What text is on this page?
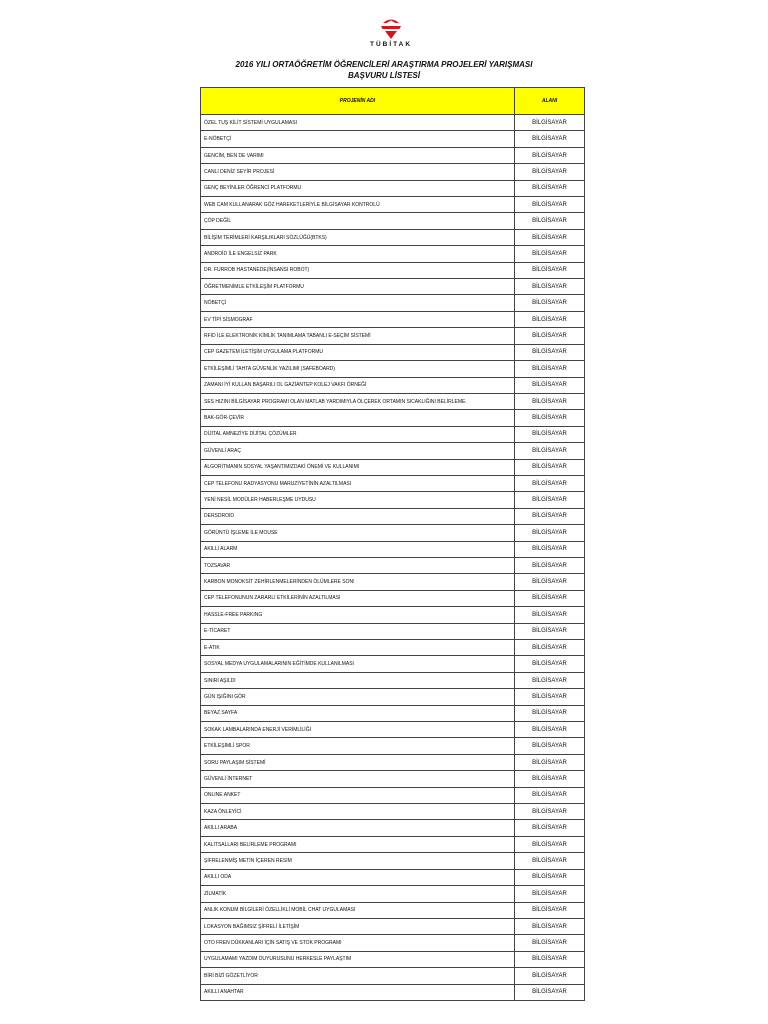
TÜBİTAK
2016 YILI ORTAÖĞRETİM ÖĞRENCİLERİ ARAŞTIRMA PROJELERİ YARIŞMASI
BAŞVURU LİSTESİ
PROJENİN ADI	ALANI
ÖZEL TUŞ KİLİT SİSTEMİ UYGULAMASI	BİLGİSAYAR
E-NÖBETÇİ	BİLGİSAYAR
GENCİM, BEN DE VARIMI	BİLGİSAYAR
CANLI DENİZ SEYİR PROJESİ	BİLGİSAYAR
GENÇ BEYİNLER ÖĞRENCİ PLATFORMU	BİLGİSAYAR
WEB CAM KULLANARAK GÖZ HAREKETLERİYLE BİLGİSAYAR KONTROLÜ	BİLGİSAYAR
ÇÖP DEĞİL	BİLGİSAYAR
BİLİŞİM TERİMLERİ KARŞILIKLARI SÖZLÜĞÜ(BTKS)	BİLGİSAYAR
ANDROİD İLE ENGELSİZ PARK	BİLGİSAYAR
DR. FURROB HASTANEDE(İNSANSI ROBOT)	BİLGİSAYAR
ÖĞRETMENİMLE ETKİLEŞİM PLATFORMU	BİLGİSAYAR
NÖBETÇİ	BİLGİSAYAR
EV TİPİ SİSMOGRAF	BİLGİSAYAR
RFID İLE ELEKTRONİK KİMLİK TANIMLAMA TABANLI E-SEÇİM SİSTEMİ	BİLGİSAYAR
CEP GAZETEM İLETİŞİM UYGULAMA PLATFORMU	BİLGİSAYAR
ETKİLEŞİMLİ TAHTA GÜVENLİK YAZILIMI (SAFEBOARD)	BİLGİSAYAR
ZAMANI İYİ KULLAN BAŞARILI OL GAZİANTEP KOLEJ VAKFI ÖRNEĞİ	BİLGİSAYAR
SES HIZINI BİLGİSAYAR PROGRAMI OLAN MATLAB YARDIMIYLA ÖLÇEREK ORTAMIN SICAKLIĞINI BELİRLEME.	BİLGİSAYAR
BAK-GÖR-ÇEVİR	BİLGİSAYAR
DİJİTAL AMNEZİYE DİJİTAL ÇÖZÜMLER	BİLGİSAYAR
GÜVENLİ ARAÇ	BİLGİSAYAR
ALGORİTMANIN SOSYAL YAŞANTIMIZDAKİ ÖNEMİ VE KULLANIMI	BİLGİSAYAR
CEP TELEFONU RADYASYONU MARUZİYETİNİN AZALTILMASI	BİLGİSAYAR
YENİ NESİL MODÜLER HABERLEŞME UYDUSU	BİLGİSAYAR
DERSDROID	BİLGİSAYAR
GÖRÜNTÜ İŞLEME İLE MOUSE	BİLGİSAYAR
AKILLI ALARM	BİLGİSAYAR
TOZSAVAR	BİLGİSAYAR
KARBON MONOKSİT ZEHİRLENMELERİNDEN ÖLÜMLERE SON!	BİLGİSAYAR
CEP TELEFONUNUN ZARARLI ETKİLERİNİN AZALTILMASI	BİLGİSAYAR
HASSLE-FREE PARKING	BİLGİSAYAR
E-TİCARET	BİLGİSAYAR
E-ATIK	BİLGİSAYAR
SOSYAL MEDYA UYGULAMALARININ EĞİTİMDE KULLANILMASI	BİLGİSAYAR
SINIRI AŞILDI	BİLGİSAYAR
GÜN IŞIĞINI GÖR	BİLGİSAYAR
BEYAZ SAYFA	BİLGİSAYAR
SOKAK LAMBALARINDA ENERJİ VERİMLİLİĞİ	BİLGİSAYAR
ETKİLEŞİMLİ SPOR	BİLGİSAYAR
SORU PAYLAŞIM SİSTEMİ	BİLGİSAYAR
GÜVENLİ İNTERNET	BİLGİSAYAR
ONLINE ANKET	BİLGİSAYAR
KAZA ÖNLEYİCİ	BİLGİSAYAR
AKILLI ARABA	BİLGİSAYAR
KALITSALLARI BELİRLEME PROGRAMI	BİLGİSAYAR
ŞİFRELENMİŞ METİN İÇEREN RESİM	BİLGİSAYAR
AKILLI ODA	BİLGİSAYAR
ZİLMATİK	BİLGİSAYAR
ANLIK KONUM BİLGİLERİ ÖZELLİKLİ MOBİL CHAT UYGULAMASI	BİLGİSAYAR
LOKASYON BAĞIMSIZ ŞİFRELİ İLETİŞİM	BİLGİSAYAR
OTO FREN DÜKKANLARI İÇİN SATIŞ VE STOK PROGRAMI	BİLGİSAYAR
UYGULAMAMI YAZDIM DUYURUSUNU HERKESLE PAYLAŞTIM	BİLGİSAYAR
BİRİ BİZİ GÖZETLİYOR	BİLGİSAYAR
AKILLI ANAHTAR	BİLGİSAYAR
